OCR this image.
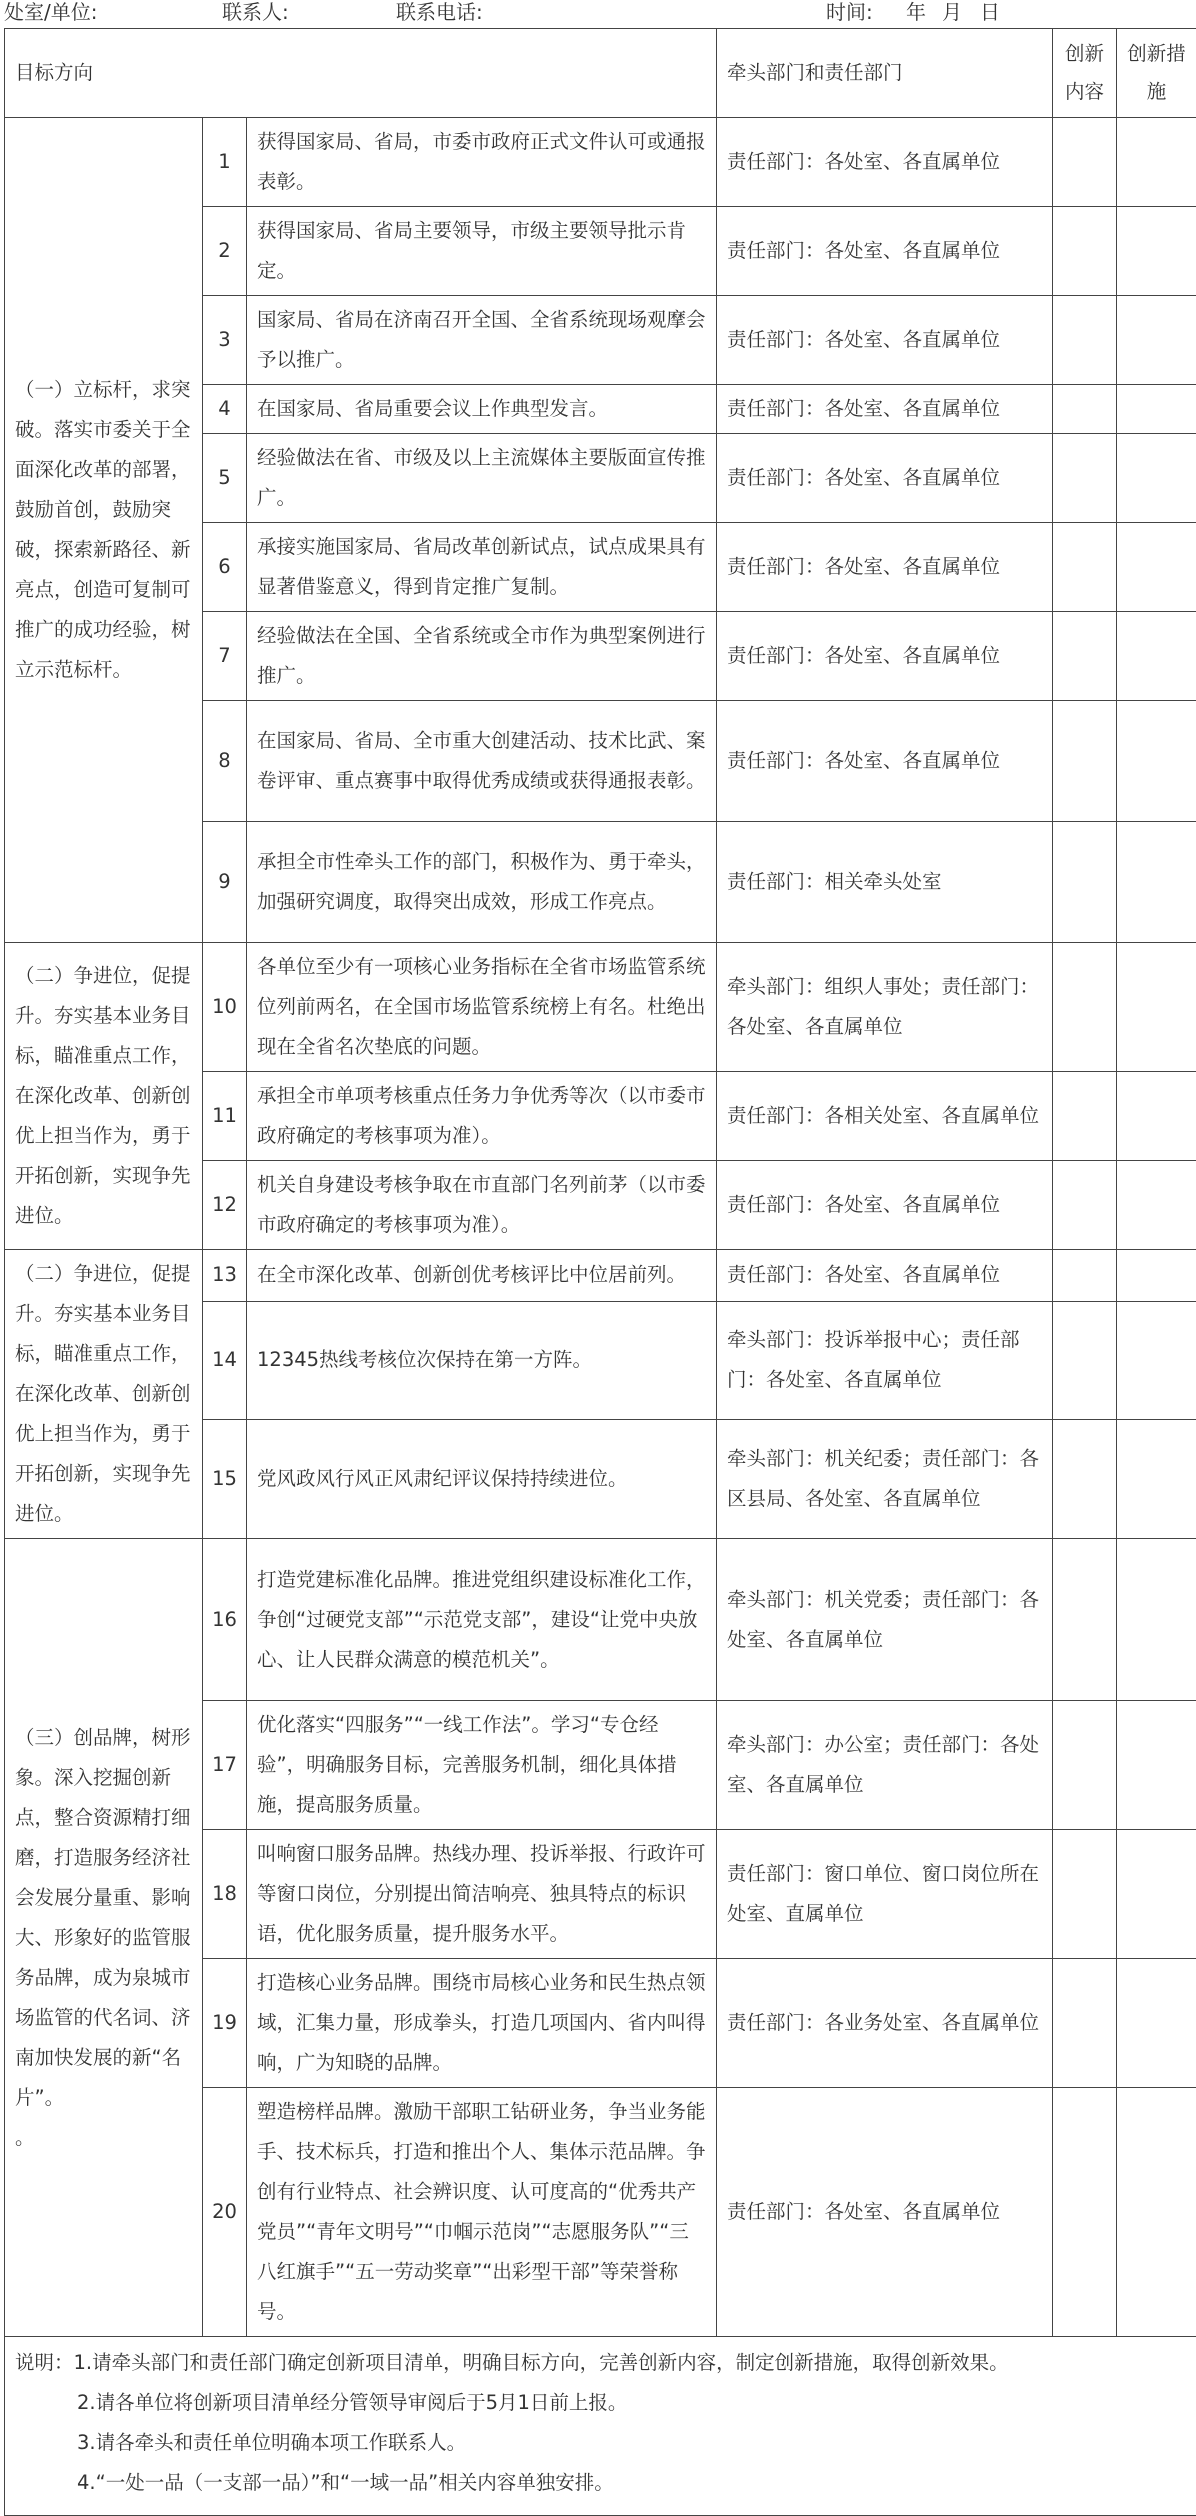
处室/单位:	联系人:	联系电话:	时间: 年 月 日
目标方向			牵头部门和责任部门	创新内容	创新措施
（一）立标杆，求突破。落实市委关于全面深化改革的部署，鼓励首创，鼓励突破，探索新路径、新亮点，创造可复制可推广的成功经验，树立示范标杆。	1	获得国家局、省局，市委市政府正式文件认可或通报表彰。	责任部门：各处室、各直属单位		
	2	获得国家局、省局主要领导，市级主要领导批示肯定。	责任部门：各处室、各直属单位		
	3	国家局、省局在济南召开全国、全省系统现场观摩会予以推广。	责任部门：各处室、各直属单位		
	4	在国家局、省局重要会议上作典型发言。	责任部门：各处室、各直属单位		
	5	经验做法在省、市级及以上主流媒体主要版面宣传推广。	责任部门：各处室、各直属单位		
	6	承接实施国家局、省局改革创新试点，试点成果具有显著借鉴意义，得到肯定推广复制。	责任部门：各处室、各直属单位		
	7	经验做法在全国、全省系统或全市作为典型案例进行推广。	责任部门：各处室、各直属单位		
	8	在国家局、省局、全市重大创建活动、技术比武、案卷评审、重点赛事中取得优秀成绩或获得通报表彰。	责任部门：各处室、各直属单位		
	9	承担全市性牵头工作的部门，积极作为、勇于牵头，加强研究调度，取得突出成效，形成工作亮点。	责任部门：相关牵头处室		
（二）争进位，促提升。夯实基本业务目标，瞄准重点工作，在深化改革、创新创优上担当作为，勇于开拓创新，实现争先进位。	10	各单位至少有一项核心业务指标在全省市场监管系统位列前两名，在全国市场监管系统榜上有名。杜绝出现在全省名次垫底的问题。	牵头部门：组织人事处；责任部门：各处室、各直属单位		
	11	承担全市单项考核重点任务力争优秀等次（以市委市政府确定的考核事项为准）。	责任部门：各相关处室、各直属单位		
	12	机关自身建设考核争取在市直部门名列前茅（以市委市政府确定的考核事项为准）。	责任部门：各处室、各直属单位		
（二）争进位，促提升。夯实基本业务目标，瞄准重点工作，在深化改革、创新创优上担当作为，勇于开拓创新，实现争先进位。	13	在全市深化改革、创新创优考核评比中位居前列。	责任部门：各处室、各直属单位		
	14	12345热线考核位次保持在第一方阵。	牵头部门：投诉举报中心；责任部门：各处室、各直属单位		
	15	党风政风行风正风肃纪评议保持持续进位。	牵头部门：机关纪委；责任部门：各区县局、各处室、各直属单位		
（三）创品牌，树形象。深入挖掘创新点，整合资源精打细磨，打造服务经济社会发展分量重、影响大、形象好的监管服务品牌，成为泉城市场监管的代名词、济南加快发展的新“名片”。
。	16	打造党建标准化品牌。推进党组织建设标准化工作，争创“过硬党支部”“示范党支部”，建设“让党中央放心、让人民群众满意的模范机关”。	牵头部门：机关党委；责任部门：各处室、各直属单位		
	17	优化落实“四服务”“一线工作法”。学习“专仓经验”，明确服务目标，完善服务机制，细化具体措施，提高服务质量。	牵头部门：办公室；责任部门：各处室、各直属单位		
	18	叫响窗口服务品牌。热线办理、投诉举报、行政许可等窗口岗位，分别提出简洁响亮、独具特点的标识语，优化服务质量，提升服务水平。	责任部门：窗口单位、窗口岗位所在处室、直属单位		
	19	打造核心业务品牌。围绕市局核心业务和民生热点领域，汇集力量，形成拳头，打造几项国内、省内叫得响，广为知晓的品牌。	责任部门：各业务处室、各直属单位		
	20	塑造榜样品牌。激励干部职工钻研业务，争当业务能手、技术标兵，打造和推出个人、集体示范品牌。争创有行业特点、社会辨识度、认可度高的“优秀共产党员”“青年文明号”“巾帼示范岗”“志愿服务队”“三八红旗手”“五一劳动奖章”“出彩型干部”等荣誉称号。	责任部门：各处室、各直属单位		

说明：1.请牵头部门和责任部门确定创新项目清单，明确目标方向，完善创新内容，制定创新措施，取得创新效果。
2.请各单位将创新项目清单经分管领导审阅后于5月1日前上报。
3.请各牵头和责任单位明确本项工作联系人。
4.“一处一品（一支部一品）”和“一域一品”相关内容单独安排。					
